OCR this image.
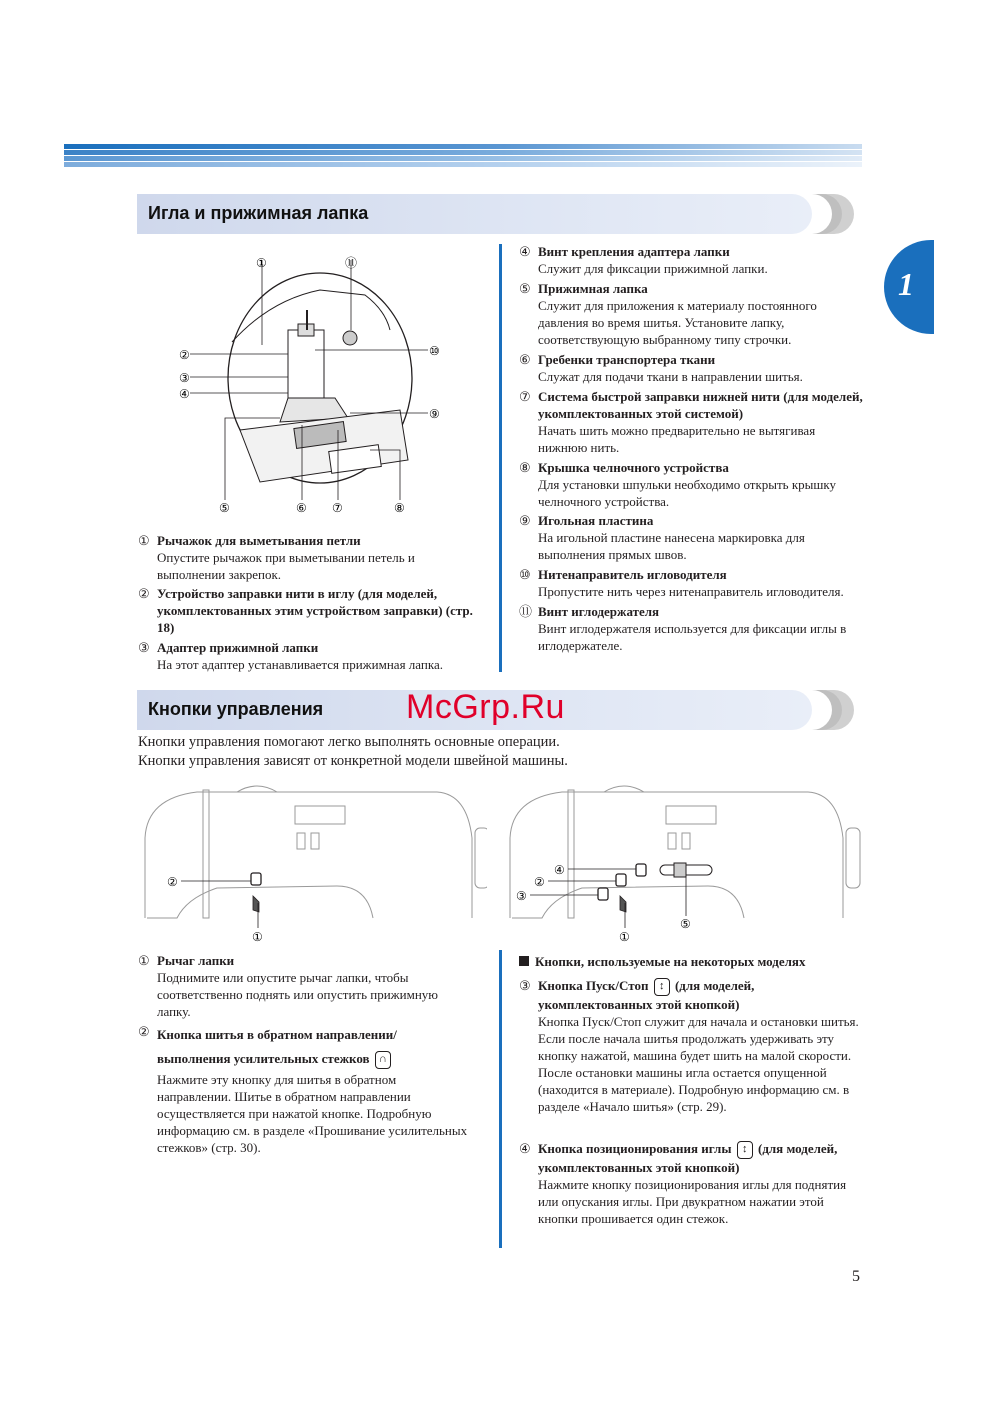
1
Игла и прижимная лапка
①
②
③
④
⑤	⑥ ⑦	⑧
⑨
⑩
⑪
① Рычажок для выметывания петли
Опустите рычажок при выметывании петель и выполнении закрепок.
② Устройство заправки нити в иглу (для моделей, укомплектованных этим устройством заправки) (стр. 18)
③ Адаптер прижимной лапки
На этот адаптер устанавливается прижимная лапка.
④ Винт крепления адаптера лапки
Служит для фиксации прижимной лапки.
⑤ Прижимная лапка
Служит для приложения к материалу постоянного давления во время шитья. Установите лапку, соответствующую выбранному типу строчки.
⑥ Гребенки транспортера ткани
Служат для подачи ткани в направлении шитья.
⑦ Система быстрой заправки нижней нити (для моделей, укомплектованных этой системой)
Начать шить можно предварительно не вытягивая нижнюю нить.
⑧ Крышка челночного устройства
Для установки шпульки необходимо открыть крышку челночного устройства.
⑨ Игольная пластина
На игольной пластине нанесена маркировка для выполнения прямых швов.
⑩ Нитенаправитель игловодителя
Пропустите нить через нитенаправитель игловодителя.
⑪ Винт иглодержателя
Винт иглодержателя используется для фиксации иглы в иглодержателе.
Кнопки управления McGrp.Ru
Кнопки управления помогают легко выполнять основные операции.
Кнопки управления зависят от конкретной модели швейной машины.
②
①
④
②
③
⑤
①
① Рычаг лапки
Поднимите или опустите рычаг лапки, чтобы соответственно поднять или опустить прижимную лапку.
② Кнопка шитья в обратном направлении/выполнения усилительных стежков ∩
Нажмите эту кнопку для шитья в обратном направлении. Шитье в обратном направлении осуществляется при нажатой кнопке. Подробную информацию см. в разделе «Прошивание усилительных стежков» (стр. 30).
Кнопки, используемые на некоторых моделях
③ Кнопка Пуск/Стоп ↕ (для моделей, укомплектованных этой кнопкой)
Кнопка Пуск/Стоп служит для начала и остановки шитья. Если после начала шитья продолжать удерживать эту кнопку нажатой, машина будет шить на малой скорости. После остановки машины игла остается опущенной (находится в материале). Подробную информацию см. в разделе «Начало шитья» (стр. 29).
④ Кнопка позиционирования иглы ↕ (для моделей, укомплектованных этой кнопкой)
Нажмите кнопку позиционирования иглы для поднятия или опускания иглы. При двукратном нажатии этой кнопки прошивается один стежок.
5
